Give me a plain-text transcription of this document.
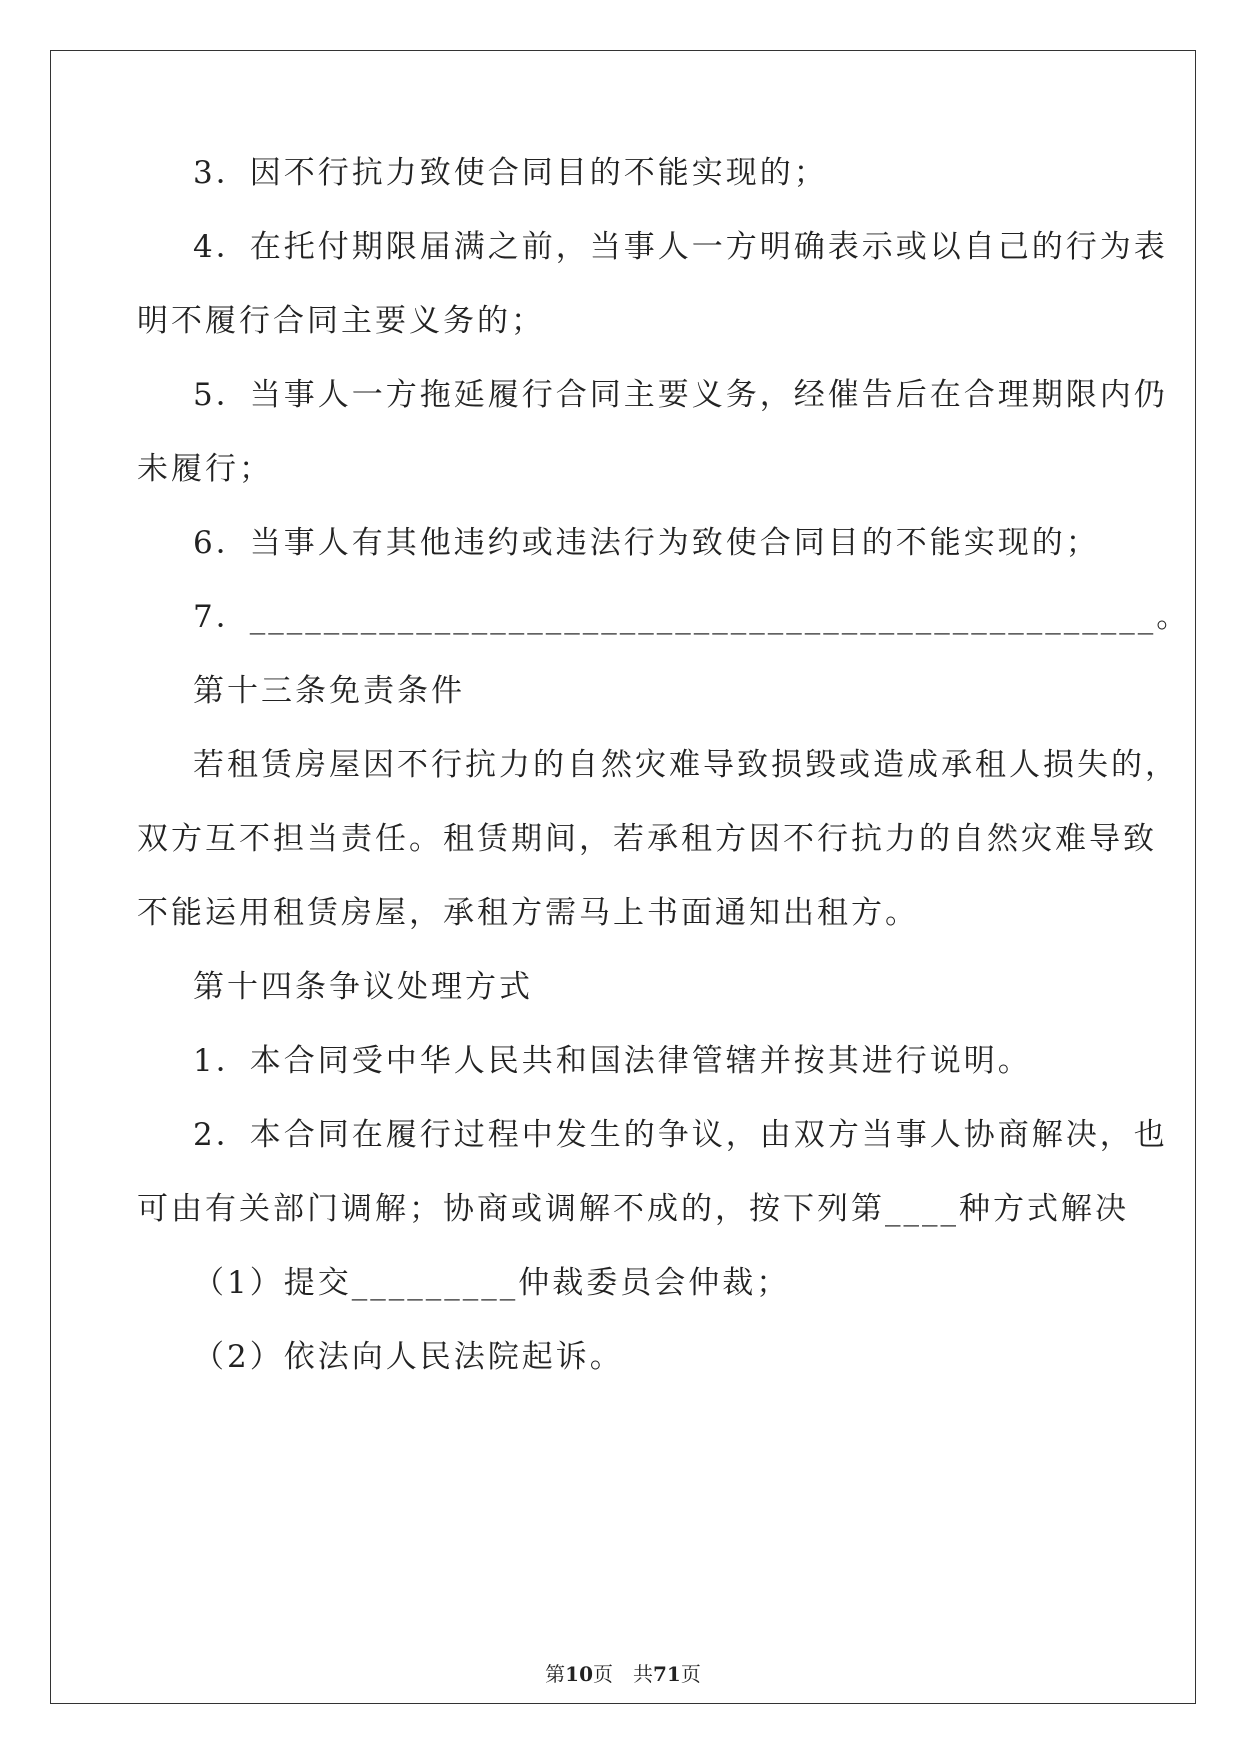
3．因不行抗力致使合同目的不能实现的；
4．在托付期限届满之前，当事人一方明确表示或以自己的行为表
明不履行合同主要义务的；
5．当事人一方拖延履行合同主要义务，经催告后在合理期限内仍
未履行；
6．当事人有其他违约或违法行为致使合同目的不能实现的；
7．_________________________________________________。
第十三条免责条件
若租赁房屋因不行抗力的自然灾难导致损毁或造成承租人损失的，
双方互不担当责任。租赁期间，若承租方因不行抗力的自然灾难导致
不能运用租赁房屋，承租方需马上书面通知出租方。
第十四条争议处理方式
1．本合同受中华人民共和国法律管辖并按其进行说明。
2．本合同在履行过程中发生的争议，由双方当事人协商解决，也
可由有关部门调解；协商或调解不成的，按下列第____种方式解决
（1）提交_________仲裁委员会仲裁；
（2）依法向人民法院起诉。
第10页　共71页
